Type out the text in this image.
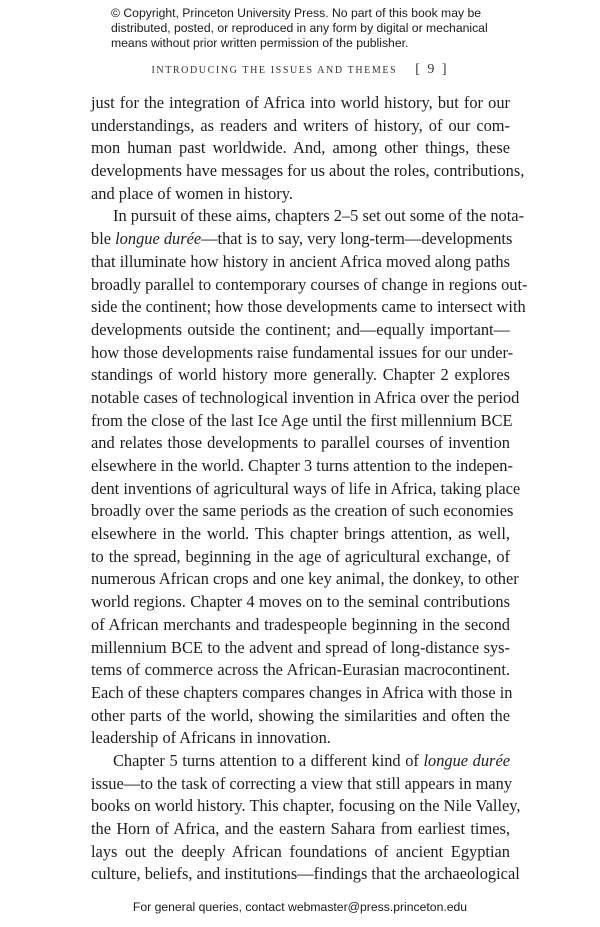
© Copyright, Princeton University Press. No part of this book may be
distributed, posted, or reproduced in any form by digital or mechanical
means without prior written permission of the publisher.
INTRODUCING THE ISSUES AND THEMES [ 9 ]
just for the integration of Africa into world history, but for our
understandings, as readers and writers of history, of our com-
mon human past worldwide. And, among other things, these
developments have messages for us about the roles, contributions,
and place of women in history.
In pursuit of these aims, chapters 2–5 set out some of the nota-
ble longue durée—that is to say, very long-term—developments
that illuminate how history in ancient Africa moved along paths
broadly parallel to contemporary courses of change in regions out-
side the continent; how those developments came to intersect with
developments outside the continent; and—equally important—
how those developments raise fundamental issues for our under-
standings of world history more generally. Chapter 2 explores
notable cases of technological invention in Africa over the period
from the close of the last Ice Age until the first millennium BCE
and relates those developments to parallel courses of invention
elsewhere in the world. Chapter 3 turns attention to the indepen-
dent inventions of agricultural ways of life in Africa, taking place
broadly over the same periods as the creation of such economies
elsewhere in the world. This chapter brings attention, as well,
to the spread, beginning in the age of agricultural exchange, of
numerous African crops and one key animal, the donkey, to other
world regions. Chapter 4 moves on to the seminal contributions
of African merchants and tradespeople beginning in the second
millennium BCE to the advent and spread of long-distance sys-
tems of commerce across the African-Eurasian macrocontinent.
Each of these chapters compares changes in Africa with those in
other parts of the world, showing the similarities and often the
leadership of Africans in innovation.
Chapter 5 turns attention to a different kind of longue durée
issue—to the task of correcting a view that still appears in many
books on world history. This chapter, focusing on the Nile Valley,
the Horn of Africa, and the eastern Sahara from earliest times,
lays out the deeply African foundations of ancient Egyptian
culture, beliefs, and institutions—findings that the archaeological
For general queries, contact webmaster@press.princeton.edu
